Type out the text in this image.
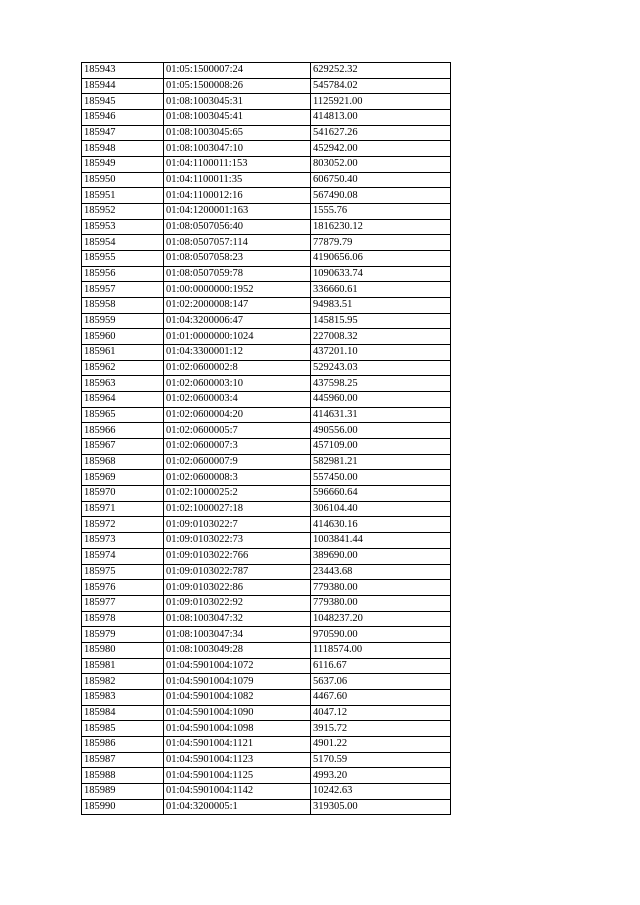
185943	01:05:1500007:24	629252.32
185944	01:05:1500008:26	545784.02
185945	01:08:1003045:31	1125921.00
185946	01:08:1003045:41	414813.00
185947	01:08:1003045:65	541627.26
185948	01:08:1003047:10	452942.00
185949	01:04:1100011:153	803052.00
185950	01:04:1100011:35	606750.40
185951	01:04:1100012:16	567490.08
185952	01:04:1200001:163	1555.76
185953	01:08:0507056:40	1816230.12
185954	01:08:0507057:114	77879.79
185955	01:08:0507058:23	4190656.06
185956	01:08:0507059:78	1090633.74
185957	01:00:0000000:1952	336660.61
185958	01:02:2000008:147	94983.51
185959	01:04:3200006:47	145815.95
185960	01:01:0000000:1024	227008.32
185961	01:04:3300001:12	437201.10
185962	01:02:0600002:8	529243.03
185963	01:02:0600003:10	437598.25
185964	01:02:0600003:4	445960.00
185965	01:02:0600004:20	414631.31
185966	01:02:0600005:7	490556.00
185967	01:02:0600007:3	457109.00
185968	01:02:0600007:9	582981.21
185969	01:02:0600008:3	557450.00
185970	01:02:1000025:2	596660.64
185971	01:02:1000027:18	306104.40
185972	01:09:0103022:7	414630.16
185973	01:09:0103022:73	1003841.44
185974	01:09:0103022:766	389690.00
185975	01:09:0103022:787	23443.68
185976	01:09:0103022:86	779380.00
185977	01:09:0103022:92	779380.00
185978	01:08:1003047:32	1048237.20
185979	01:08:1003047:34	970590.00
185980	01:08:1003049:28	1118574.00
185981	01:04:5901004:1072	6116.67
185982	01:04:5901004:1079	5637.06
185983	01:04:5901004:1082	4467.60
185984	01:04:5901004:1090	4047.12
185985	01:04:5901004:1098	3915.72
185986	01:04:5901004:1121	4901.22
185987	01:04:5901004:1123	5170.59
185988	01:04:5901004:1125	4993.20
185989	01:04:5901004:1142	10242.63
185990	01:04:3200005:1	319305.00
